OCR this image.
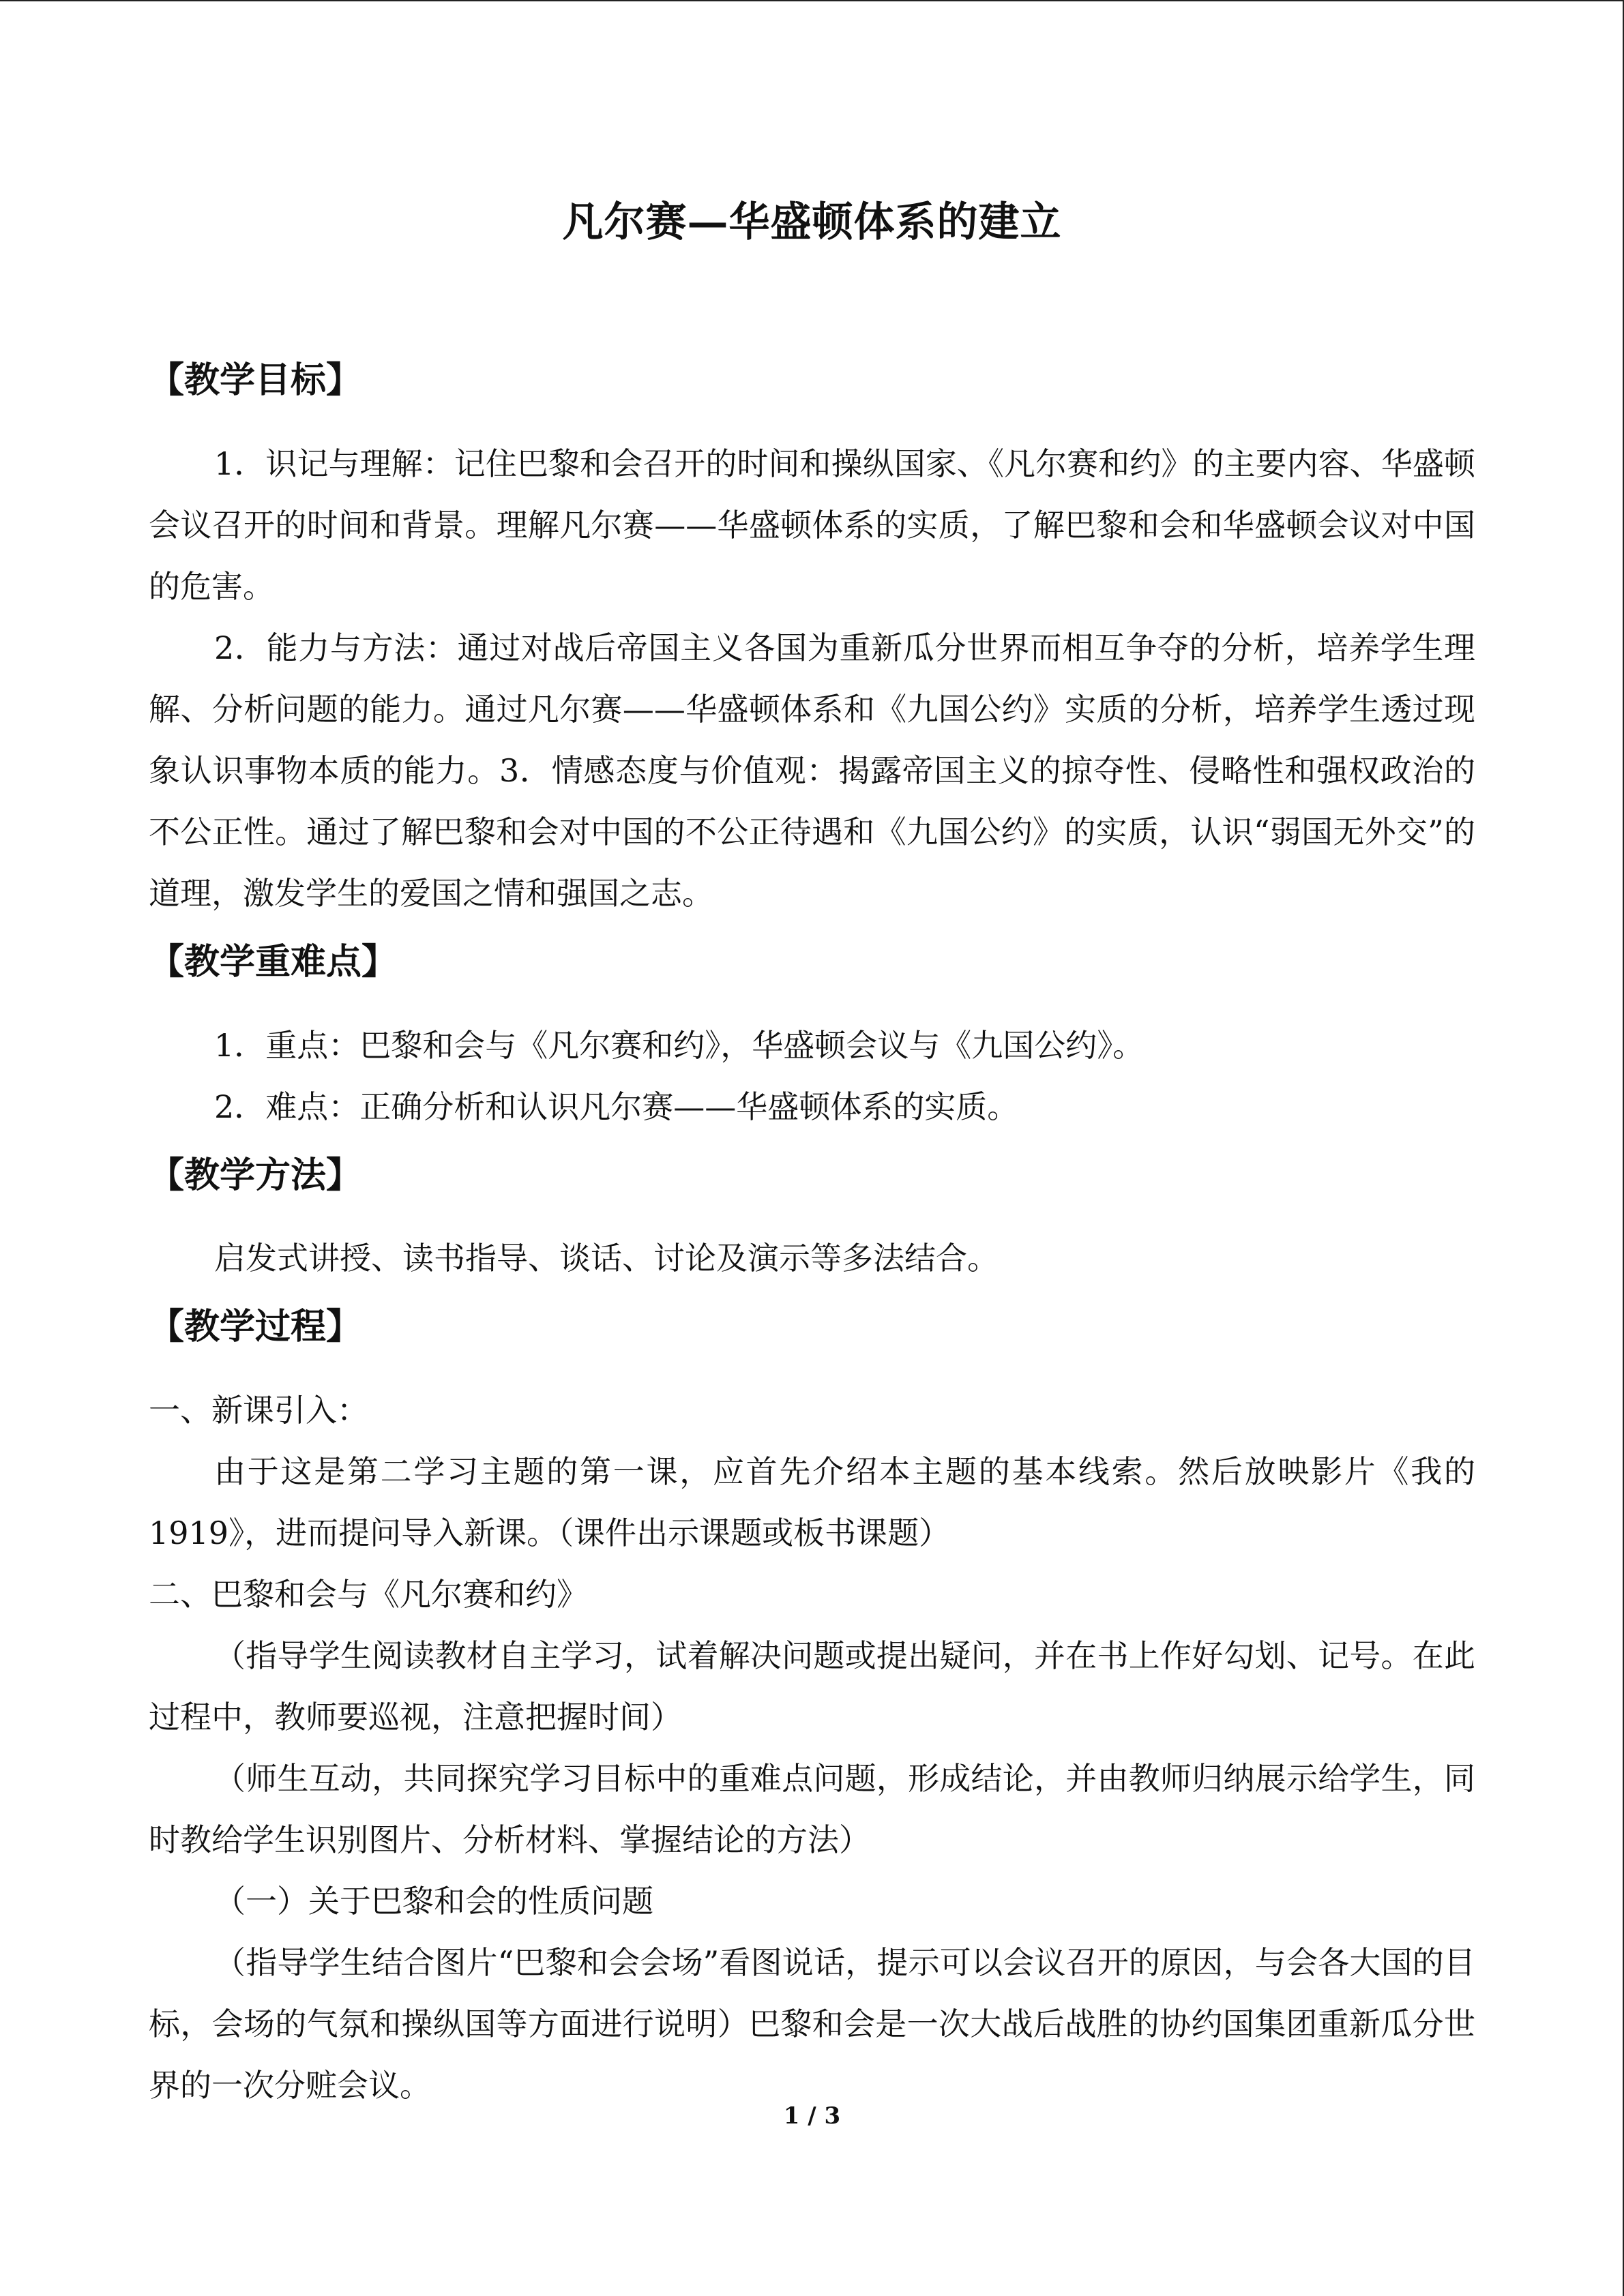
凡尔赛—华盛顿体系的建立
【教学目标】

1．识记与理解：记住巴黎和会召开的时间和操纵国家、《凡尔赛和约》的主要内容、华盛顿会议召开的时间和背景。理解凡尔赛——华盛顿体系的实质，了解巴黎和会和华盛顿会议对中国的危害。

2．能力与方法：通过对战后帝国主义各国为重新瓜分世界而相互争夺的分析，培养学生理解、分析问题的能力。通过凡尔赛——华盛顿体系和《九国公约》实质的分析，培养学生透过现象认识事物本质的能力。3．情感态度与价值观：揭露帝国主义的掠夺性、侵略性和强权政治的不公正性。通过了解巴黎和会对中国的不公正待遇和《九国公约》的实质，认识“弱国无外交”的道理，激发学生的爱国之情和强国之志。

【教学重难点】

1．重点：巴黎和会与《凡尔赛和约》，华盛顿会议与《九国公约》。

2．难点：正确分析和认识凡尔赛——华盛顿体系的实质。

【教学方法】

启发式讲授、读书指导、谈话、讨论及演示等多法结合。

【教学过程】

一、新课引入：

由于这是第二学习主题的第一课，应首先介绍本主题的基本线索。然后放映影片《我的1919》，进而提问导入新课。（课件出示课题或板书课题）

二、巴黎和会与《凡尔赛和约》

（指导学生阅读教材自主学习，试着解决问题或提出疑问，并在书上作好勾划、记号。在此过程中，教师要巡视，注意把握时间）

（师生互动，共同探究学习目标中的重难点问题，形成结论，并由教师归纳展示给学生，同时教给学生识别图片、分析材料、掌握结论的方法）

（一）关于巴黎和会的性质问题

（指导学生结合图片“巴黎和会会场”看图说话，提示可以会议召开的原因，与会各大国的目标，会场的气氛和操纵国等方面进行说明）巴黎和会是一次大战后战胜的协约国集团重新瓜分世界的一次分赃会议。

1 / 3
